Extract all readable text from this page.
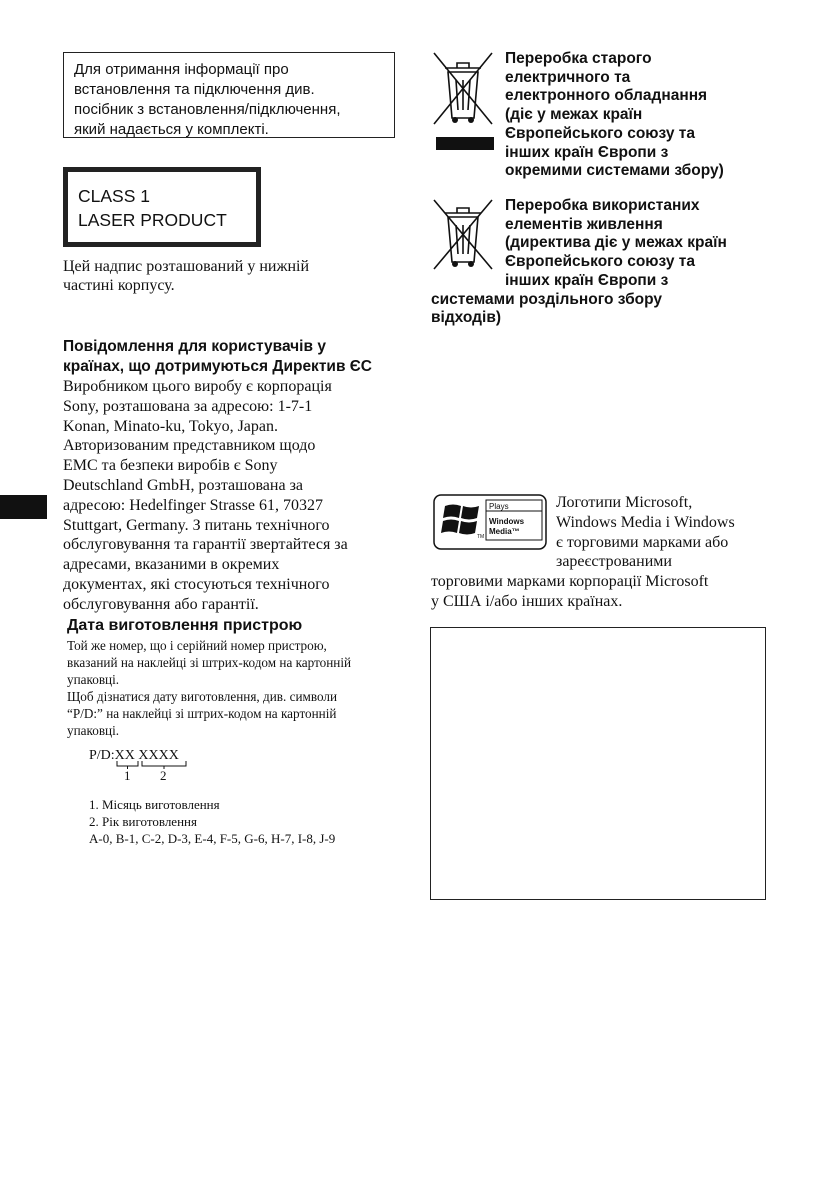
Для отримання інформації про
встановлення та підключення див.
посібник з встановлення/підключення,
який надається у комплекті.
CLASS 1
LASER PRODUCT
Цей надпис розташований у нижній
частині корпусу.
Повідомлення для користувачів у
країнах, що дотримуються Директив ЄС
Виробником цього виробу є корпорація
Sony, розташована за адресою: 1-7-1
Konan, Minato-ku, Tokyo, Japan.
Авторизованим представником щодо
EMC та безпеки виробів є Sony
Deutschland GmbH, розташована за
адресою: Hedelfinger Strasse 61, 70327
Stuttgart, Germany. З питань технічного
обслуговування та гарантії звертайтеся за
адресами, вказаними в окремих
документах, які стосуються технічного
обслуговування або гарантії.
Дата виготовлення пристрою
Той же номер, що і серійний номер пристрою,
вказаний на наклейці зі штрих-кодом на картонній
упаковці.
Щоб дізнатися дату виготовлення, див. символи
“P/D:” на наклейці зі штрих-кодом на картонній
упаковці.
P/D:XX XXXX
1 2
1. Місяць виготовлення
2. Рік виготовлення
A-0, B-1, C-2, D-3, E-4, F-5, G-6, H-7, I-8, J-9
Переробка старого
електричного та
електронного обладнання
(діє у межах країн
Європейського союзу та
інших країн Європи з
окремими системами збору)
Переробка використаних
елементів живлення
(директива діє у межах країн
Європейського союзу та
інших країн Європи з
системами роздільного збору
відходів)
Plays
Windows
Media™
TM
Логотипи Microsoft,
Windows Media і Windows
є торговими марками або
зареєстрованими
торговими марками корпорації Microsoft
у США і/або інших країнах.
